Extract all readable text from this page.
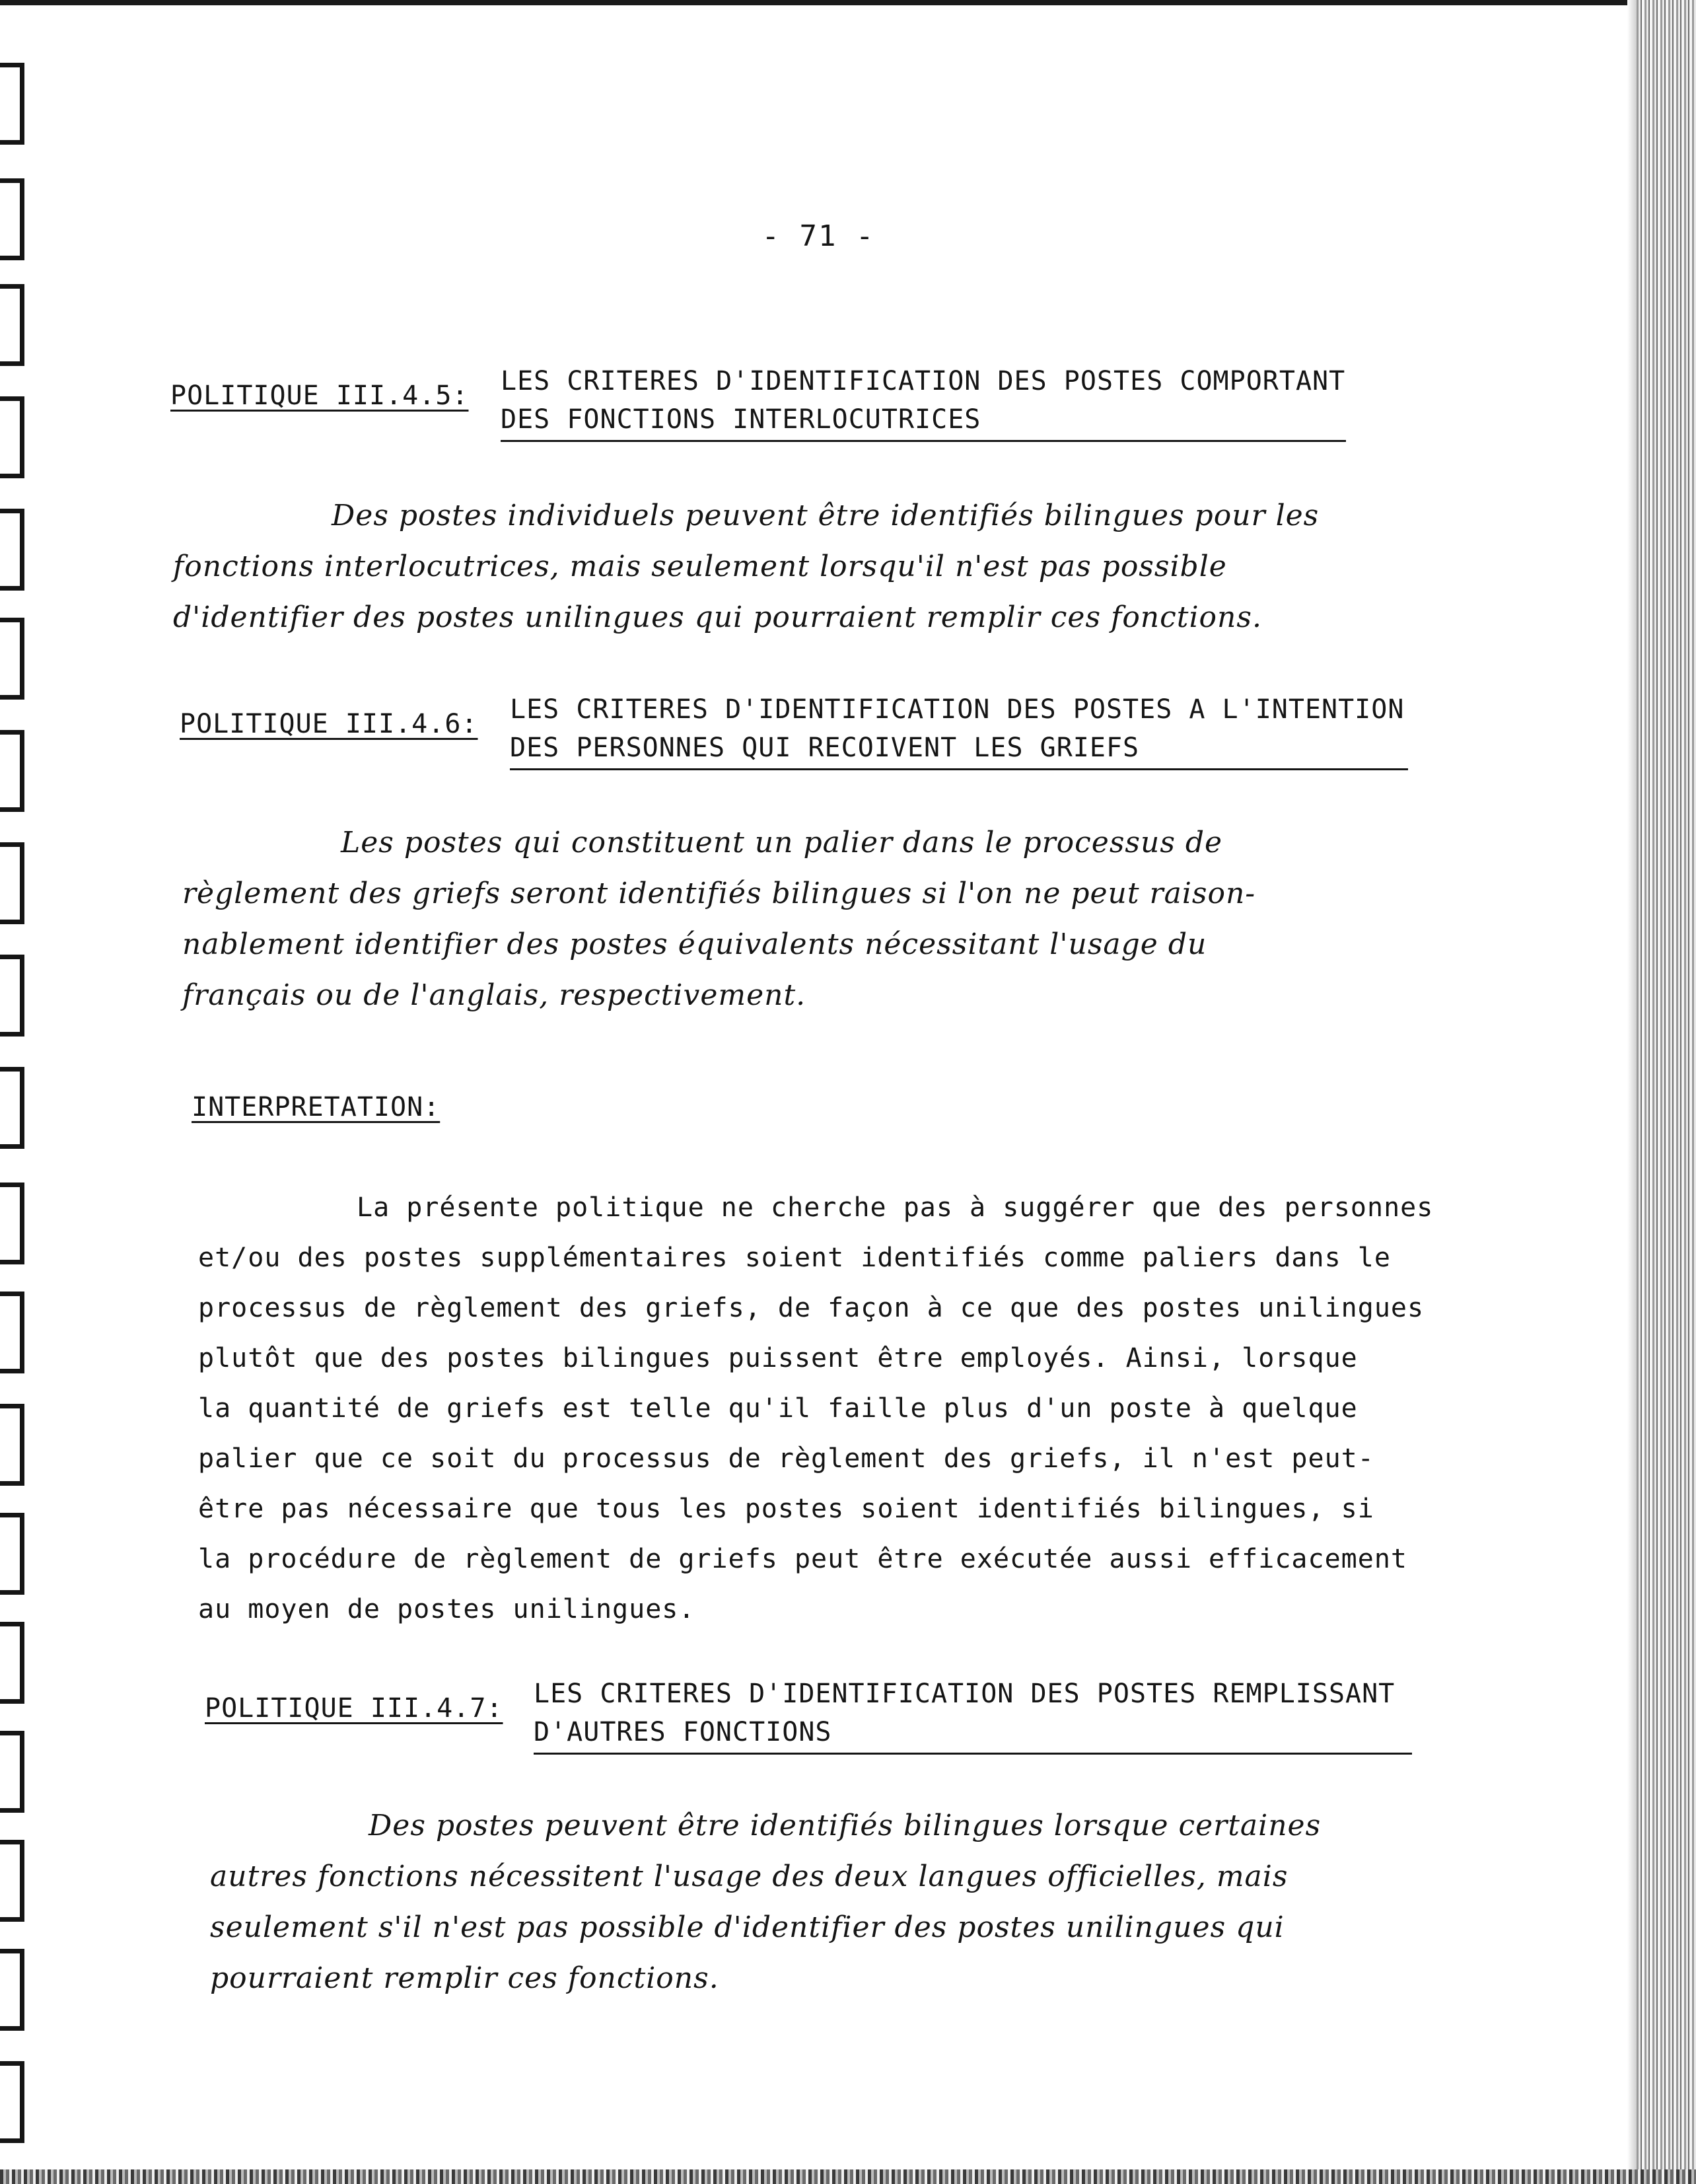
- 71 -
POLITIQUE III.4.5: LES CRITERES D'IDENTIFICATION DES POSTES COMPORTANT
DES FONCTIONS INTERLOCUTRICES
Des postes individuels peuvent être identifiés bilingues pour les
fonctions interlocutrices, mais seulement lorsqu'il n'est pas possible
d'identifier des postes unilingues qui pourraient remplir ces fonctions.
POLITIQUE III.4.6: LES CRITERES D'IDENTIFICATION DES POSTES A L'INTENTION
DES PERSONNES QUI RECOIVENT LES GRIEFS
Les postes qui constituent un palier dans le processus de
règlement des griefs seront identifiés bilingues si l'on ne peut raison-
nablement identifier des postes équivalents nécessitant l'usage du
français ou de l'anglais, respectivement.
INTERPRETATION:
La présente politique ne cherche pas à suggérer que des personnes
et/ou des postes supplémentaires soient identifiés comme paliers dans le
processus de règlement des griefs, de façon à ce que des postes unilingues
plutôt que des postes bilingues puissent être employés. Ainsi, lorsque
la quantité de griefs est telle qu'il faille plus d'un poste à quelque
palier que ce soit du processus de règlement des griefs, il n'est peut-
être pas nécessaire que tous les postes soient identifiés bilingues, si
la procédure de règlement de griefs peut être exécutée aussi efficacement
au moyen de postes unilingues.
POLITIQUE III.4.7: LES CRITERES D'IDENTIFICATION DES POSTES REMPLISSANT
D'AUTRES FONCTIONS
Des postes peuvent être identifiés bilingues lorsque certaines
autres fonctions nécessitent l'usage des deux langues officielles, mais
seulement s'il n'est pas possible d'identifier des postes unilingues qui
pourraient remplir ces fonctions.
